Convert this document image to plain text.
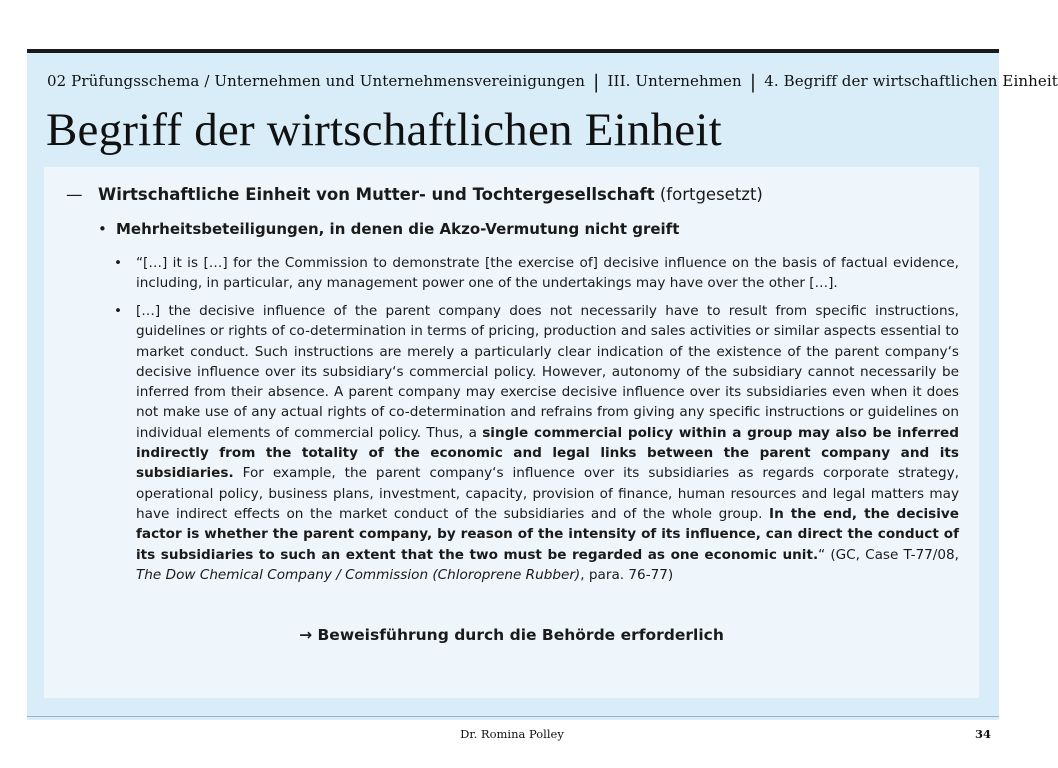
02 Prüfungsschema / Unternehmen und Unternehmensvereinigungen | III. Unternehmen | 4. Begriff der wirtschaftlichen Einheit
Begriff der wirtschaftlichen Einheit
— Wirtschaftliche Einheit von Mutter- und Tochtergesellschaft (fortgesetzt)
• Mehrheitsbeteiligungen, in denen die Akzo-Vermutung nicht greift
•	“[…] it is […] for the Commission to demonstrate [the exercise of] decisive influence on the basis of factual evidence, including, in particular, any management power one of the undertakings may have over the other […].
•	[…] the decisive influence of the parent company does not necessarily have to result from specific instructions, guidelines or rights of co-determination in terms of pricing, production and sales activities or similar aspects essential to market conduct. Such instructions are merely a particularly clear indication of the existence of the parent company‘s decisive influence over its subsidiary‘s commercial policy. However, autonomy of the subsidiary cannot necessarily be inferred from their absence. A parent company may exercise decisive influence over its subsidiaries even when it does not make use of any actual rights of co-determination and refrains from giving any specific instructions or guidelines on individual elements of commercial policy. Thus, a single commercial policy within a group may also be inferred indirectly from the totality of the economic and legal links between the parent company and its subsidiaries. For example, the parent company‘s influence over its subsidiaries as regards corporate strategy, operational policy, business plans, investment, capacity, provision of finance, human resources and legal matters may have indirect effects on the market conduct of the subsidiaries and of the whole group. In the end, the decisive factor is whether the parent company, by reason of the intensity of its influence, can direct the conduct of its subsidiaries to such an extent that the two must be regarded as one economic unit.“ (GC, Case T-77/08, The Dow Chemical Company / Commission (Chloroprene Rubber), para. 76-77)
→ Beweisführung durch die Behörde erforderlich
Dr. Romina Polley	34
